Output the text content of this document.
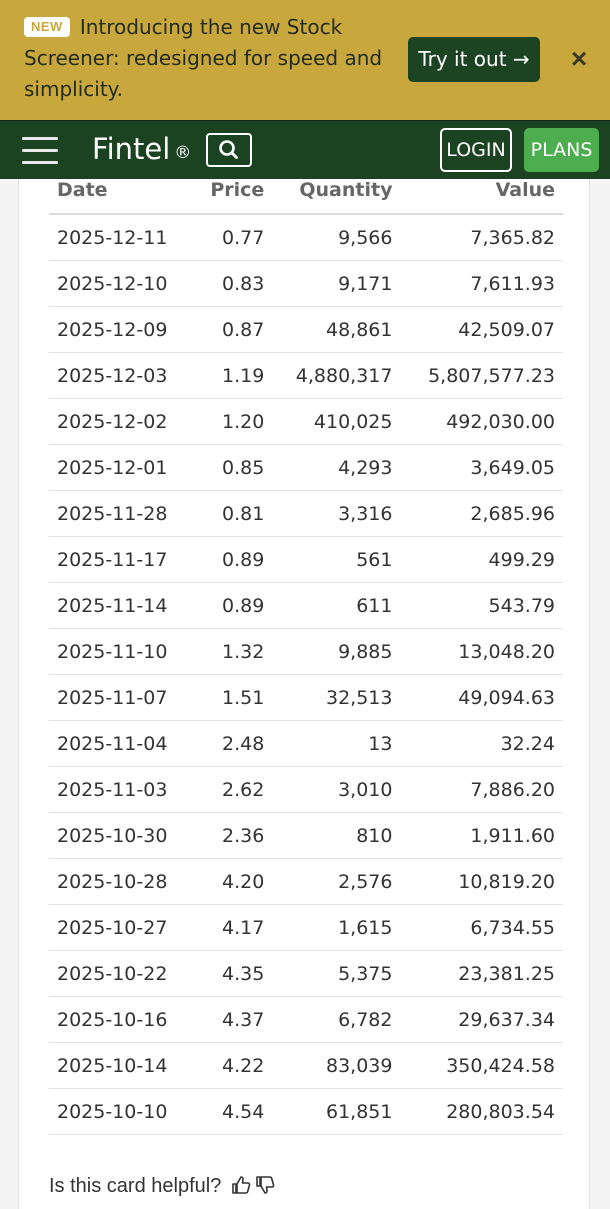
NEW Introducing the new Stock Screener: redesigned for speed and simplicity.
Try it out →	×
Fintel ®	LOGIN	PLANS
Date	Price	Quantity	Value
2025-12-11	0.77	9,566	7,365.82
2025-12-10	0.83	9,171	7,611.93
2025-12-09	0.87	48,861	42,509.07
2025-12-03	1.19	4,880,317	5,807,577.23
2025-12-02	1.20	410,025	492,030.00
2025-12-01	0.85	4,293	3,649.05
2025-11-28	0.81	3,316	2,685.96
2025-11-17	0.89	561	499.29
2025-11-14	0.89	611	543.79
2025-11-10	1.32	9,885	13,048.20
2025-11-07	1.51	32,513	49,094.63
2025-11-04	2.48	13	32.24
2025-11-03	2.62	3,010	7,886.20
2025-10-30	2.36	810	1,911.60
2025-10-28	4.20	2,576	10,819.20
2025-10-27	4.17	1,615	6,734.55
2025-10-22	4.35	5,375	23,381.25
2025-10-16	4.37	6,782	29,637.34
2025-10-14	4.22	83,039	350,424.58
2025-10-10	4.54	61,851	280,803.54
Is this card helpful?
